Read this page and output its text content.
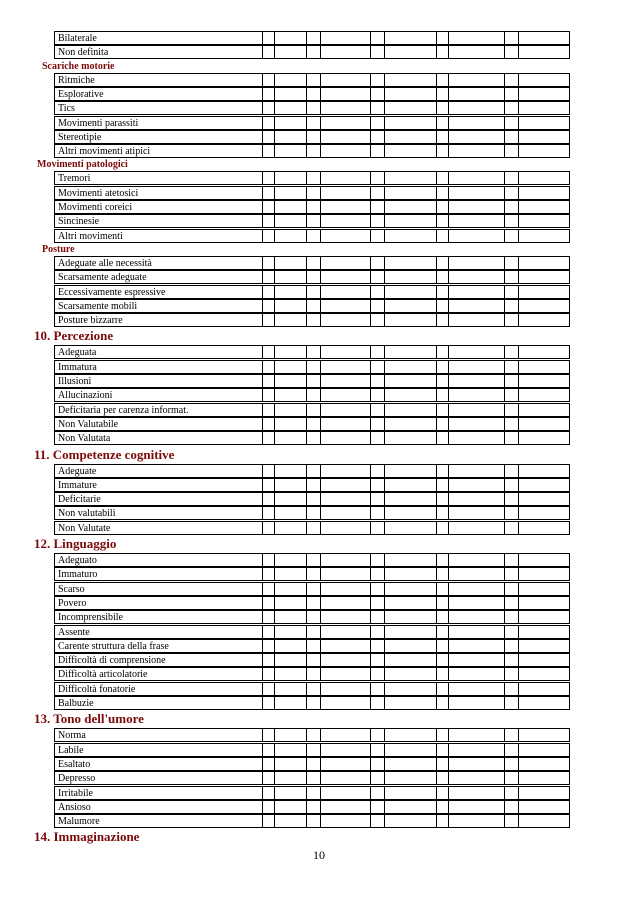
Bilaterale
Non definita
Scariche motorie
Ritmiche
Esplorative
Tics
Movimenti parassiti
Stereotipie
Altri movimenti atipici
Movimenti patologici
Tremori
Movimenti atetosici
Movimenti coreici
Sincinesie
Altri movimenti
Posture
Adeguate alle necessità
Scarsamente adeguate
Eccessivamente espressive
Scarsamente mobili
Posture bizzarre
10. Percezione
Adeguata
Immatura
Illusioni
Allucinazioni
Deficitaria per carenza informat.
Non Valutabile
Non Valutata
11. Competenze cognitive
Adeguate
Immature
Deficitarie
Non valutabili
Non Valutate
12. Linguaggio
Adeguato
Immaturo
Scarso
Povero
Incomprensibile
Assente
Carente struttura della frase
Difficoltà di comprensione
Difficoltà articolatorie
Difficoltà fonatorie
Balbuzie
13. Tono dell'umore
Norma
Labile
Esaltato
Depresso
Irritabile
Ansioso
Malumore
14. Immaginazione
10
